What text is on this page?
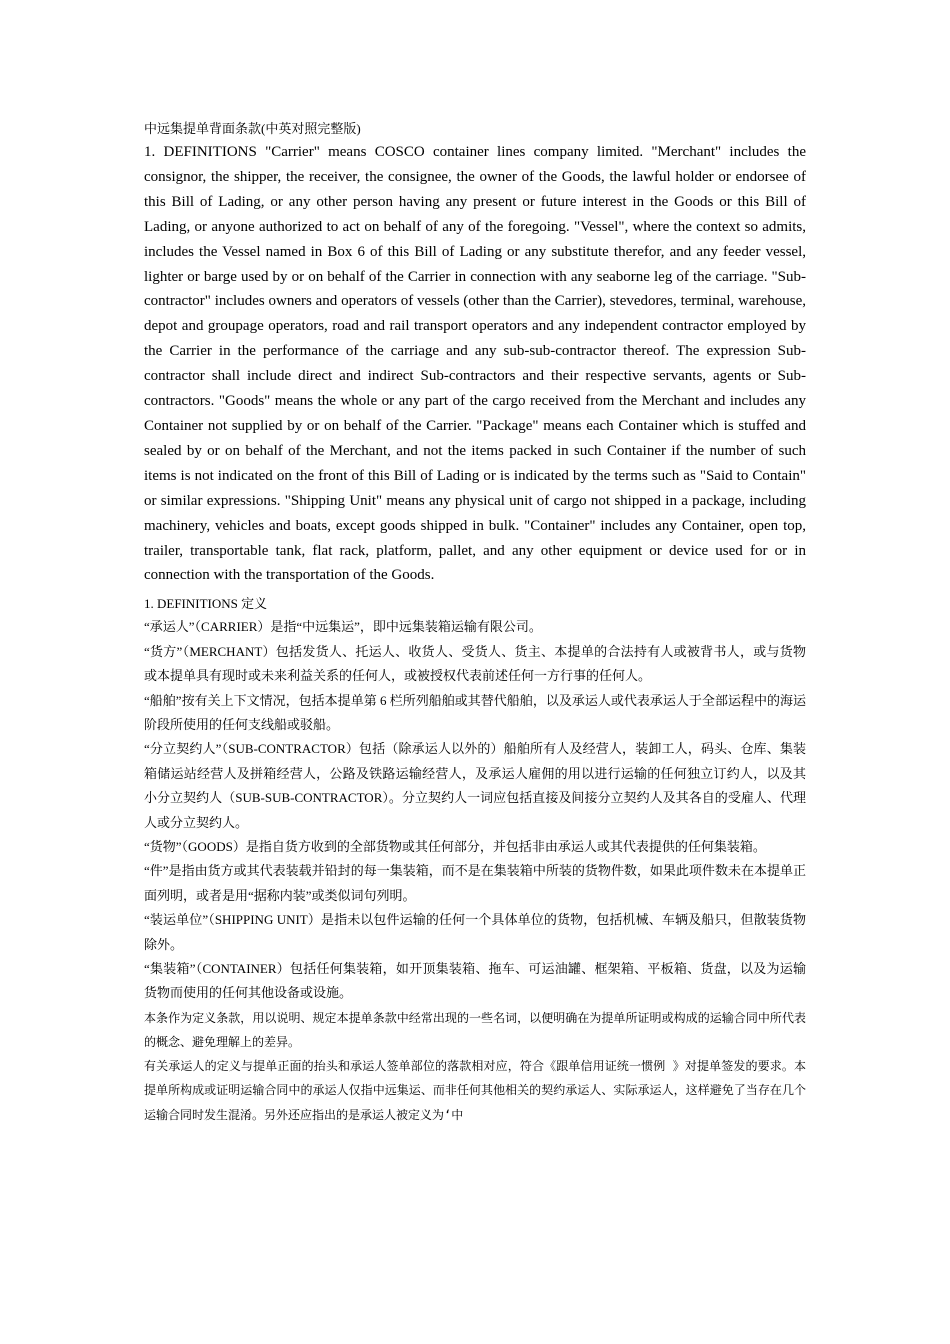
中远集提单背面条款(中英对照完整版)

1. DEFINITIONS "Carrier" means COSCO container lines company limited. "Merchant" includes the consignor, the shipper, the receiver, the consignee, the owner of the Goods, the lawful holder or endorsee of this Bill of Lading, or any other person having any present or future interest in the Goods or this Bill of Lading, or anyone authorized to act on behalf of any of the foregoing. "Vessel", where the context so admits, includes the Vessel named in Box 6 of this Bill of Lading or any substitute therefor, and any feeder vessel, lighter or barge used by or on behalf of the Carrier in connection with any seaborne leg of the carriage. "Sub-contractor" includes owners and operators of vessels (other than the Carrier), stevedores, terminal, warehouse, depot and groupage operators, road and rail transport operators and any independent contractor employed by the Carrier in the performance of the carriage and any sub-sub-contractor thereof. The expression Sub-contractor shall include direct and indirect Sub-contractors and their respective servants, agents or Sub-contractors. "Goods" means the whole or any part of the cargo received from the Merchant and includes any Container not supplied by or on behalf of the Carrier. "Package" means each Container which is stuffed and sealed by or on behalf of the Merchant, and not the items packed in such Container if the number of such items is not indicated on the front of this Bill of Lading or is indicated by the terms such as "Said to Contain" or similar expressions. "Shipping Unit" means any physical unit of cargo not shipped in a package, including machinery, vehicles and boats, except goods shipped in bulk. "Container" includes any Container, open top, trailer, transportable tank, flat rack, platform, pallet, and any other equipment or device used for or in connection with the transportation of the Goods.

1. DEFINITIONS 定义

“承运人”（CARRIER）是指“中远集运”，即中远集装箱运输有限公司。

“货方”（MERCHANT）包括发货人、托运人、收货人、受货人、货主、本提单的合法持有人或被背书人，或与货物或本提单具有现时或未来利益关系的任何人，或被授权代表前述任何一方行事的任何人。

“船舶”按有关上下文情况，包括本提单第 6 栏所列船舶或其替代船舶，以及承运人或代表承运人于全部运程中的海运阶段所使用的任何支线船或驳船。

“分立契约人”（SUB-CONTRACTOR）包括（除承运人以外的）船舶所有人及经营人，装卸工人，码头、仓库、集装箱储运站经营人及拼箱经营人，公路及铁路运输经营人，及承运人雇佣的用以进行运输的任何独立订约人，以及其小分立契约人（SUB-SUB-CONTRACTOR）。分立契约人一词应包括直接及间接分立契约人及其各自的受雇人、代理人或分立契约人。

“货物”（GOODS）是指自货方收到的全部货物或其任何部分，并包括非由承运人或其代表提供的任何集装箱。

“件”是指由货方或其代表装载并铅封的每一集装箱，而不是在集装箱中所装的货物件数，如果此项件数未在本提单正面列明，或者是用“据称内装”或类似词句列明。

“装运单位”（SHIPPING UNIT）是指未以包件运输的任何一个具体单位的货物，包括机械、车辆及船只，但散装货物除外。

“集装箱”（CONTAINER）包括任何集装箱，如开顶集装箱、拖车、可运油罐、框架箱、平板箱、货盘，以及为运输货物而使用的任何其他设备或设施。

本条作为定义条款，用以说明、规定本提单条款中经常出现的一些名词，以便明确在为提单所证明或构成的运输合同中所代表的概念、避免理解上的差异。

有关承运人的定义与提单正面的抬头和承运人签单部位的落款相对应，符合《跟单信用证统一惯例 》对提单签发的要求。本提单所构成或证明运输合同中的承运人仅指中远集运、而非任何其他相关的契约承运人、实际承运人，这样避免了当存在几个运输合同时发生混淆。另外还应指出的是承运人被定义为‘中
